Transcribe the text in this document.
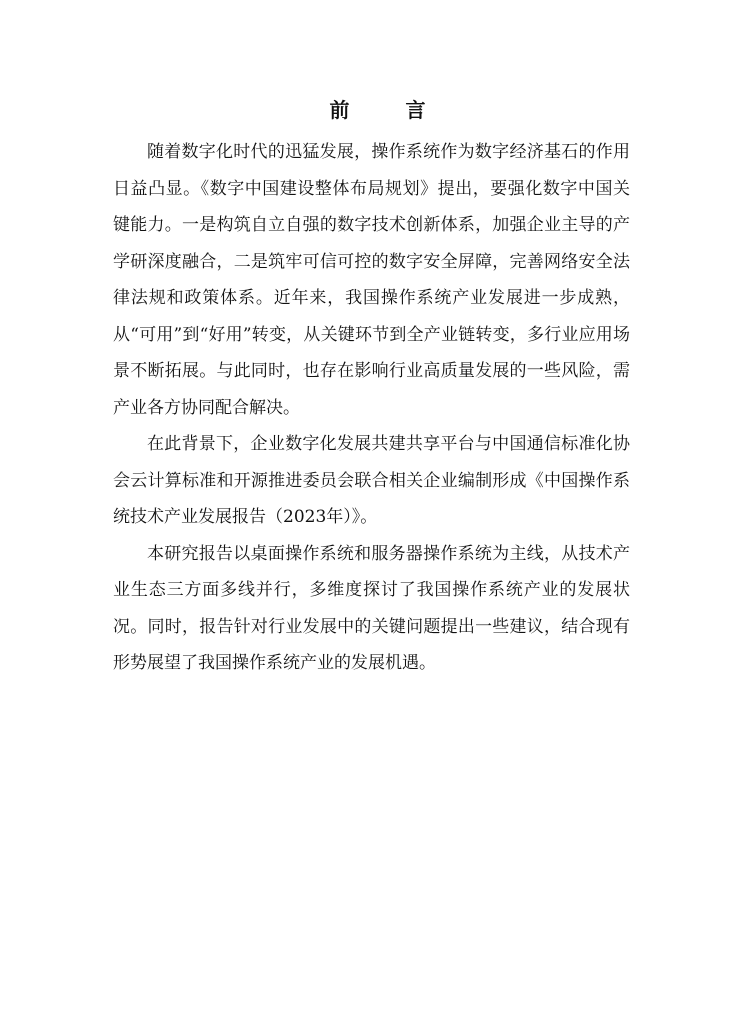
前　言

随着数字化时代的迅猛发展，操作系统作为数字经济基石的作用日益凸显。《数字中国建设整体布局规划》提出，要强化数字中国关键能力。一是构筑自立自强的数字技术创新体系，加强企业主导的产学研深度融合，二是筑牢可信可控的数字安全屏障，完善网络安全法律法规和政策体系。近年来，我国操作系统产业发展进一步成熟，从“可用”到“好用”转变，从关键环节到全产业链转变，多行业应用场景不断拓展。与此同时，也存在影响行业高质量发展的一些风险，需产业各方协同配合解决。

在此背景下，企业数字化发展共建共享平台与中国通信标准化协会云计算标准和开源推进委员会联合相关企业编制形成《中国操作系统技术产业发展报告（2023年）》。

本研究报告以桌面操作系统和服务器操作系统为主线，从技术产业生态三方面多线并行，多维度探讨了我国操作系统产业的发展状况。同时，报告针对行业发展中的关键问题提出一些建议，结合现有形势展望了我国操作系统产业的发展机遇。
